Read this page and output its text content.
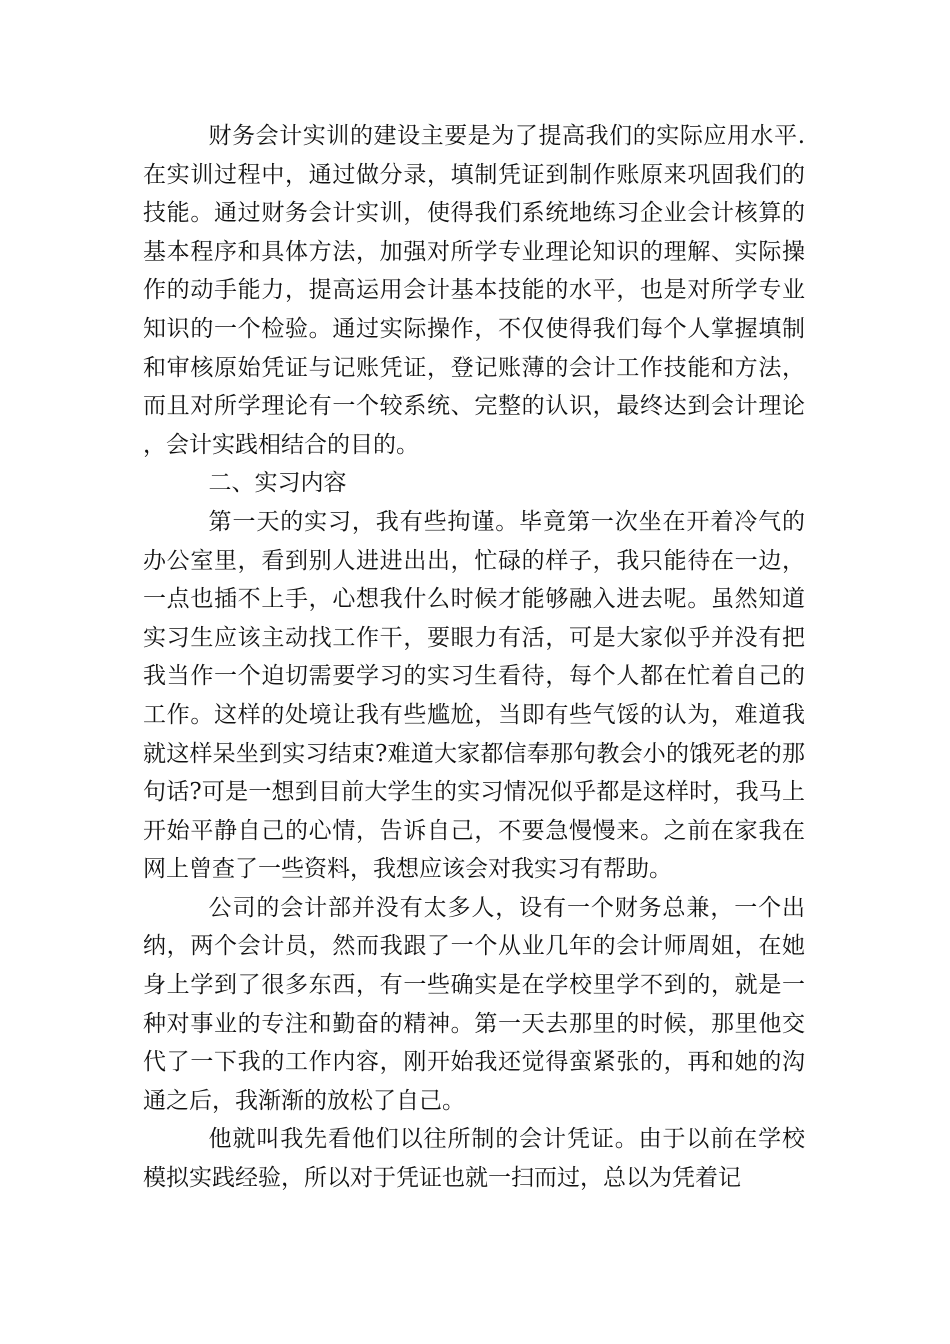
财务会计实训的建设主要是为了提高我们的实际应用水平. 在实训过程中，通过做分录，填制凭证到制作账原来巩固我们的技能。通过财务会计实训，使得我们系统地练习企业会计核算的基本程序和具体方法，加强对所学专业理论知识的理解、实际操作的动手能力，提高运用会计基本技能的水平，也是对所学专业知识的一个检验。通过实际操作，不仅使得我们每个人掌握填制和审核原始凭证与记账凭证，登记账薄的会计工作技能和方法，而且对所学理论有一个较系统、完整的认识，最终达到会计理论，会计实践相结合的目的。

二、实习内容

第一天的实习，我有些拘谨。毕竟第一次坐在开着冷气的办公室里，看到别人进进出出，忙碌的样子，我只能待在一边，一点也插不上手，心想我什么时候才能够融入进去呢。虽然知道实习生应该主动找工作干，要眼力有活，可是大家似乎并没有把我当作一个迫切需要学习的实习生看待，每个人都在忙着自己的工作。这样的处境让我有些尴尬，当即有些气馁的认为，难道我就这样呆坐到实习结束?难道大家都信奉那句教会小的饿死老的那句话?可是一想到目前大学生的实习情况似乎都是这样时，我马上开始平静自己的心情，告诉自己，不要急慢慢来。之前在家我在网上曾查了一些资料，我想应该会对我实习有帮助。

公司的会计部并没有太多人，设有一个财务总兼，一个出纳，两个会计员，然而我跟了一个从业几年的会计师周姐，在她身上学到了很多东西，有一些确实是在学校里学不到的，就是一种对事业的专注和勤奋的精神。第一天去那里的时候，那里他交代了一下我的工作内容，刚开始我还觉得蛮紧张的，再和她的沟通之后，我渐渐的放松了自己。

他就叫我先看他们以往所制的会计凭证。由于以前在学校模拟实践经验，所以对于凭证也就一扫而过，总以为凭着记
